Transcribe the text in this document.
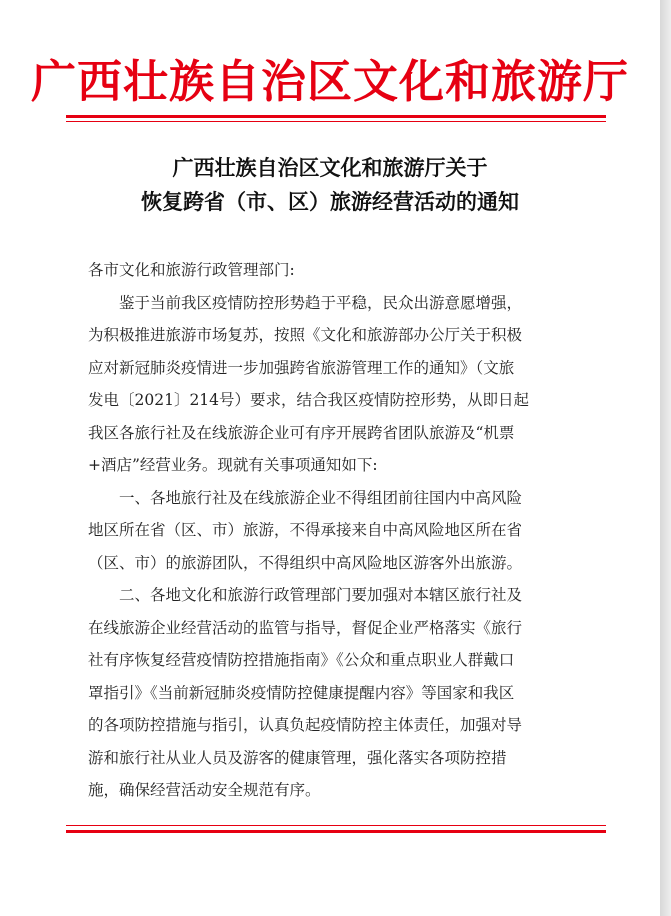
广西壮族自治区文化和旅游厅
广西壮族自治区文化和旅游厅关于
恢复跨省（市、区）旅游经营活动的通知

各市文化和旅游行政管理部门:

鉴于当前我区疫情防控形势趋于平稳，民众出游意愿增强，

为积极推进旅游市场复苏，按照《文化和旅游部办公厅关于积极

应对新冠肺炎疫情进一步加强跨省旅游管理工作的通知》（文旅

发电〔2021〕214号）要求，结合我区疫情防控形势，从即日起

我区各旅行社及在线旅游企业可有序开展跨省团队旅游及“机票

+酒店”经营业务。现就有关事项通知如下:

一、各地旅行社及在线旅游企业不得组团前往国内中高风险

地区所在省（区、市）旅游，不得承接来自中高风险地区所在省

（区、市）的旅游团队，不得组织中高风险地区游客外出旅游。

二、各地文化和旅游行政管理部门要加强对本辖区旅行社及

在线旅游企业经营活动的监管与指导，督促企业严格落实《旅行

社有序恢复经营疫情防控措施指南》《公众和重点职业人群戴口

罩指引》《当前新冠肺炎疫情防控健康提醒内容》等国家和我区

的各项防控措施与指引，认真负起疫情防控主体责任，加强对导

游和旅行社从业人员及游客的健康管理，强化落实各项防控措

施，确保经营活动安全规范有序。
